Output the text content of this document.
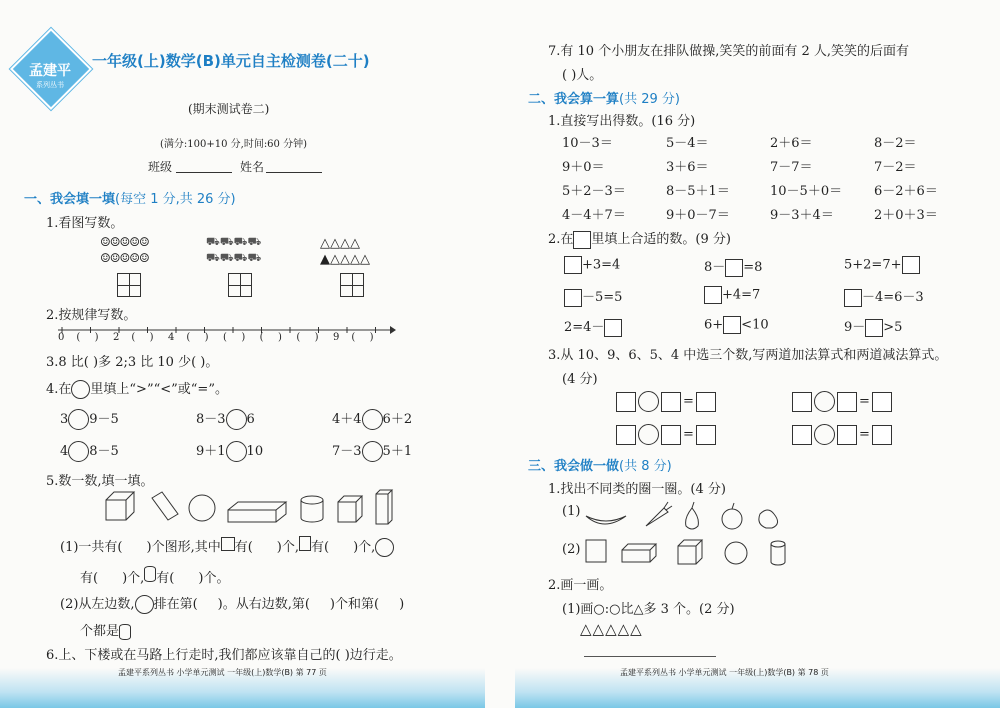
孟建平
系列丛书
一年级(上)数学(B)单元自主检测卷(二十)
(期末测试卷二)
(满分:100+10 分,时间:60 分钟)
班级	姓名
一、我会填一填(每空 1 分,共 26 分)
1.看图写数。
☺☺☺☺☺
☺☺☺☺☺
⛟⛟⛟⛟
⛟⛟⛟⛟
△△△△
▲△△△△
2.按规律写数。
0 ( ) 2 ( ) 4 ( ) ( ) ( ) ( ) 9 ( )
3.8 比( )多 2;3 比 10 少( )。
4.在 里填上“>”“<”或“=”。
3 9－5	8－3 6	4＋4 6＋2
4 8－5	9＋1 10	7－3 5＋1
5.数一数,填一填。
(1)一共有( )个图形,其中 有( )个, 有( )个,
有( )个, 有( )个。
(2)从左边数, 排在第( )。从右边数,第( )个和第( )
个都是
6.上、下楼或在马路上行走时,我们都应该靠自己的( )边行走。
孟建平系列丛书 小学单元测试 一年级(上)数学(B) 第 77 页
7.有 10 个小朋友在排队做操,笑笑的前面有 2 人,笑笑的后面有
( )人。
二、我会算一算(共 29 分)
1.直接写出得数。(16 分)
10－3＝	5－4＝	2＋6＝	8－2＝
9＋0＝	3＋6＝	7－7＝	7－2＝
5＋2－3＝	8－5＋1＝	10－5＋0＝ 6－2＋6＝
4－4＋7＝	9＋0－7＝	9－3＋4＝	2＋0＋3＝
2.在 里填上合适的数。(9 分)
+3=4	8－ =8	5+2=7+
－5=5	+4=7	－4=6－3
2=4－	6+ <10	9－ >5
3.从 10、9、6、5、4 中选三个数,写两道加法算式和两道减法算式。
(4 分)
=	=
=	=
三、我会做一做(共 8 分)
1.找出不同类的圈一圈。(4 分)
(1)
(2)
2.画一画。
(1)画○:○比△多 3 个。(2 分)
△△△△△
孟建平系列丛书 小学单元测试 一年级(上)数学(B) 第 78 页
